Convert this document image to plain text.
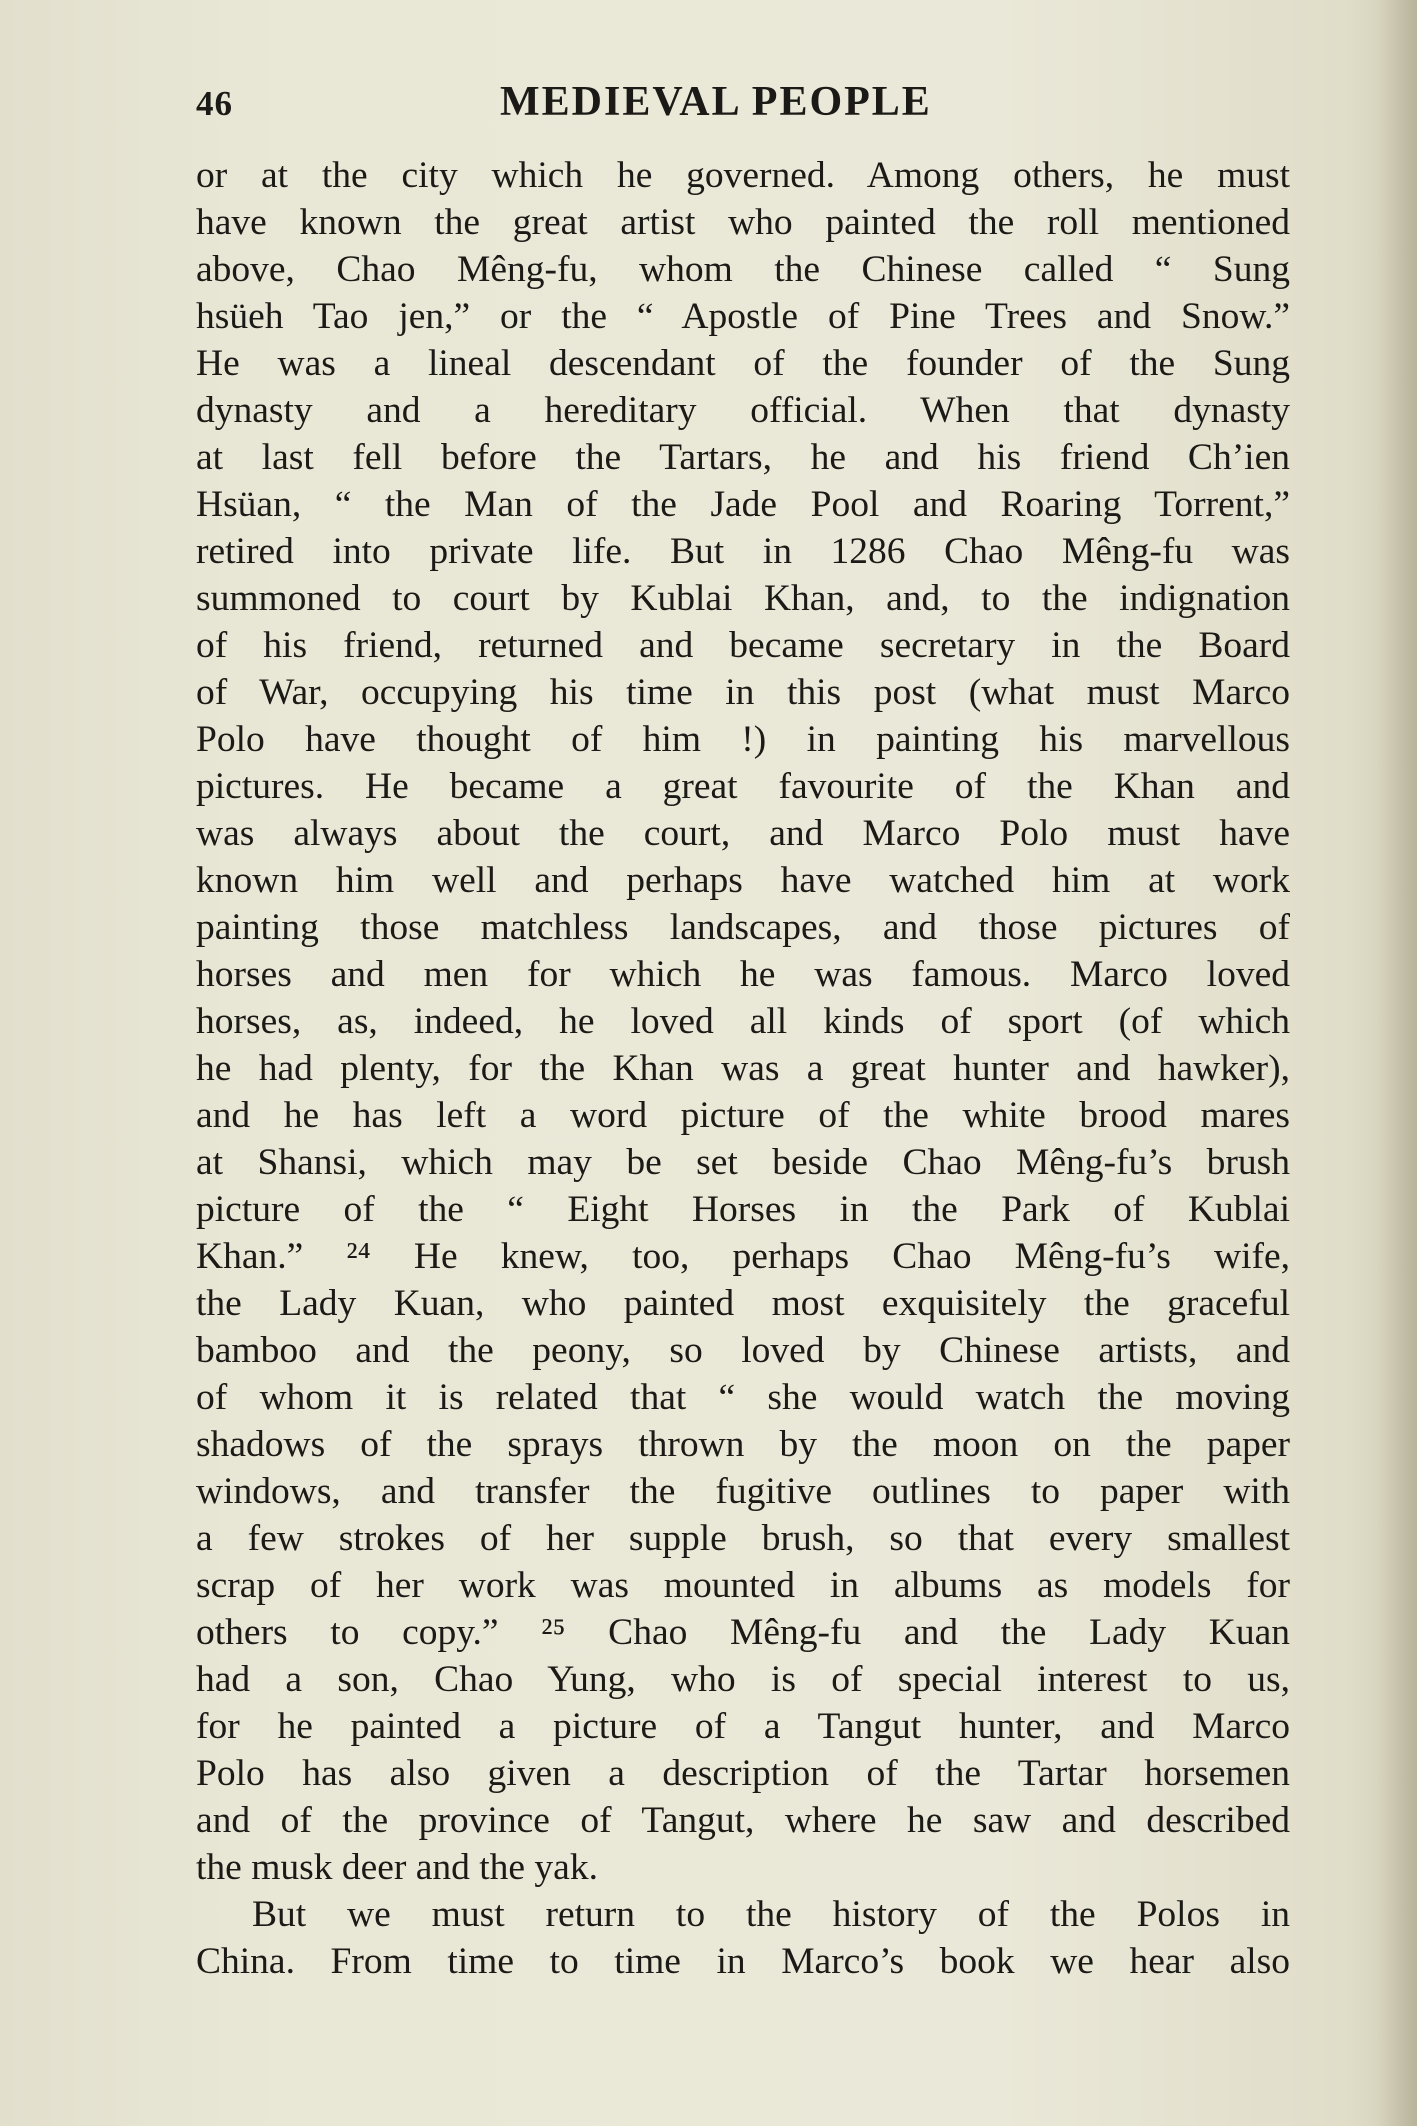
46	MEDIEVAL PEOPLE
or at the city which he governed. Among others, he must
have known the great artist who painted the roll mentioned
above, Chao Mêng-fu, whom the Chinese called “ Sung
hsüeh Tao jen,” or the “ Apostle of Pine Trees and Snow.”
He was a lineal descendant of the founder of the Sung
dynasty and a hereditary official. When that dynasty
at last fell before the Tartars, he and his friend Ch’ien
Hsüan, “ the Man of the Jade Pool and Roaring Torrent,”
retired into private life. But in 1286 Chao Mêng-fu was
summoned to court by Kublai Khan, and, to the indignation
of his friend, returned and became secretary in the Board
of War, occupying his time in this post (what must Marco
Polo have thought of him !) in painting his marvellous
pictures. He became a great favourite of the Khan and
was always about the court, and Marco Polo must have
known him well and perhaps have watched him at work
painting those matchless landscapes, and those pictures of
horses and men for which he was famous. Marco loved
horses, as, indeed, he loved all kinds of sport (of which
he had plenty, for the Khan was a great hunter and hawker),
and he has left a word picture of the white brood mares
at Shansi, which may be set beside Chao Mêng-fu’s brush
picture of the “ Eight Horses in the Park of Kublai
Khan.” ²⁴ He knew, too, perhaps Chao Mêng-fu’s wife,
the Lady Kuan, who painted most exquisitely the graceful
bamboo and the peony, so loved by Chinese artists, and
of whom it is related that “ she would watch the moving
shadows of the sprays thrown by the moon on the paper
windows, and transfer the fugitive outlines to paper with
a few strokes of her supple brush, so that every smallest
scrap of her work was mounted in albums as models for
others to copy.” ²⁵ Chao Mêng-fu and the Lady Kuan
had a son, Chao Yung, who is of special interest to us,
for he painted a picture of a Tangut hunter, and Marco
Polo has also given a description of the Tartar horsemen
and of the province of Tangut, where he saw and described
the musk deer and the yak.
But we must return to the history of the Polos in
China. From time to time in Marco’s book we hear also
